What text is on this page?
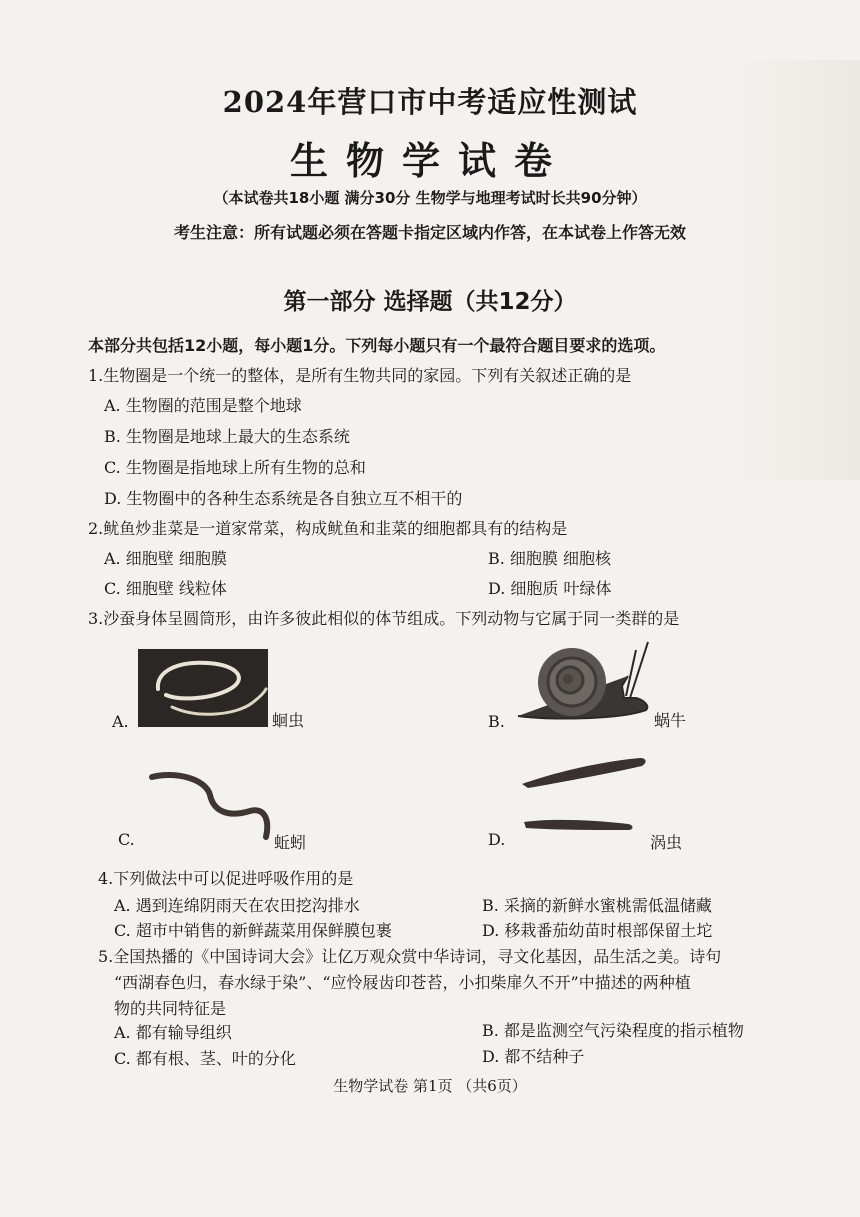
2024年营口市中考适应性测试
生物学试卷
（本试卷共18小题 满分30分 生物学与地理考试时长共90分钟）
考生注意：所有试题必须在答题卡指定区域内作答，在本试卷上作答无效
第一部分 选择题（共12分）
本部分共包括12小题，每小题1分。下列每小题只有一个最符合题目要求的选项。
1.生物圈是一个统一的整体，是所有生物共同的家园。下列有关叙述正确的是
A. 生物圈的范围是整个地球
B. 生物圈是地球上最大的生态系统
C. 生物圈是指地球上所有生物的总和
D. 生物圈中的各种生态系统是各自独立互不相干的
2.鱿鱼炒韭菜是一道家常菜，构成鱿鱼和韭菜的细胞都具有的结构是
A. 细胞壁 细胞膜	B. 细胞膜 细胞核
C. 细胞壁 线粒体	D. 细胞质 叶绿体
3.沙蚕身体呈圆筒形，由许多彼此相似的体节组成。下列动物与它属于同一类群的是
A.	蛔虫	B.	蜗牛
C.	蚯蚓	D.	涡虫
4.下列做法中可以促进呼吸作用的是
A. 遇到连绵阴雨天在农田挖沟排水	B. 采摘的新鲜水蜜桃需低温储藏
C. 超市中销售的新鲜蔬菜用保鲜膜包裹	D. 移栽番茄幼苗时根部保留土坨
5.全国热播的《中国诗词大会》让亿万观众赏中华诗词，寻文化基因，品生活之美。诗句
“西湖春色归，春水绿于染”、“应怜屐齿印苍苔，小扣柴扉久不开”中描述的两种植
物的共同特征是
A. 都有输导组织	B. 都是监测空气污染程度的指示植物
C. 都有根、茎、叶的分化	D. 都不结种子
生物学试卷 第1页 （共6页）
